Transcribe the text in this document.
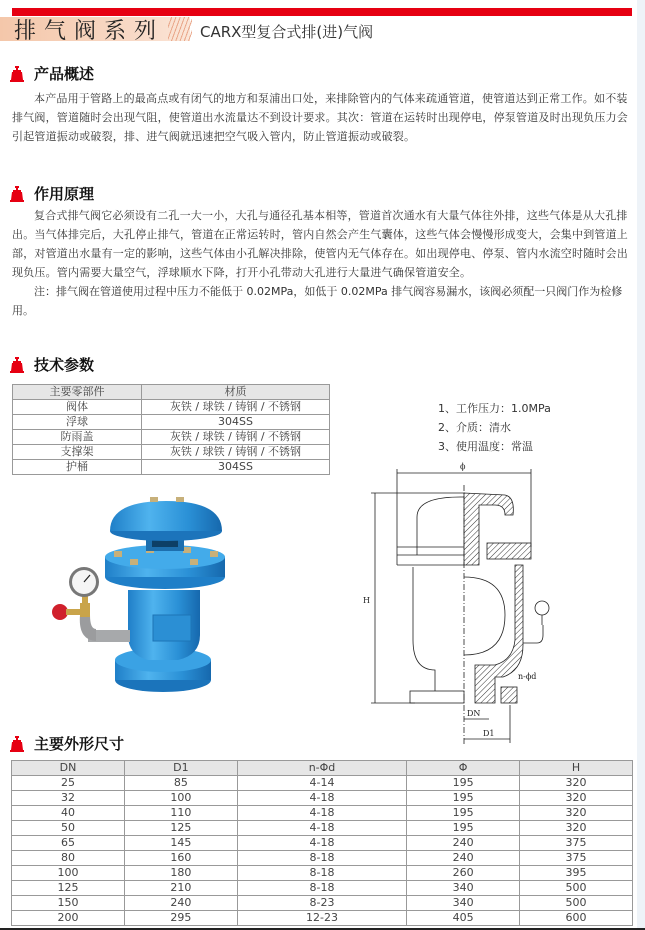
排气阀系列 CARX型复合式排(进)气阀
产品概述
本产品用于管路上的最高点或有闭气的地方和泵浦出口处，来排除管内的气体来疏通管道，使管道达到正常工作。如不装排气阀，管道随时会出现气阻，使管道出水流量达不到设计要求。其次：管道在运转时出现停电，停泵管道及时出现负压力会引起管道振动或破裂，排、进气阀就迅速把空气吸入管内，防止管道振动或破裂。
作用原理
复合式排气阀它必须设有二孔一大一小，大孔与通径孔基本相等，管道首次通水有大量气体往外排，这些气体是从大孔排出。当气体排完后，大孔停止排气，管道在正常运转时，管内自然会产生气囊体，这些气体会慢慢形成变大，会集中到管道上部，对管道出水量有一定的影响，这些气体由小孔解决排除，使管内无气体存在。如出现停电、停泵、管内水流空时随时会出现负压。管内需要大量空气，浮球顺水下降，打开小孔带动大孔进行大量进气确保管道安全。
注：排气阀在管道使用过程中压力不能低于 0.02MPa，如低于 0.02MPa 排气阀容易漏水，该阀必须配一只阀门作为检修用。
技术参数
主要零部件	材质
阀体	灰铁 / 球铁 / 铸钢 / 不锈钢
浮球	304SS
防雨盖	灰铁 / 球铁 / 铸钢 / 不锈钢
支撑架	灰铁 / 球铁 / 铸钢 / 不锈钢
护桶	304SS
1、工作压力：1.0MPa
2、介质：清水
3、使用温度：常温
ϕ
H
n-ϕd
DN
D1
主要外形尺寸
DN	D1	n-Φd	Φ	H
25	85	4-14	195	320
32	100	4-18	195	320
40	110	4-18	195	320
50	125	4-18	195	320
65	145	4-18	240	375
80	160	8-18	240	375
100	180	8-18	260	395
125	210	8-18	340	500
150	240	8-23	340	500
200	295	12-23	405	600
